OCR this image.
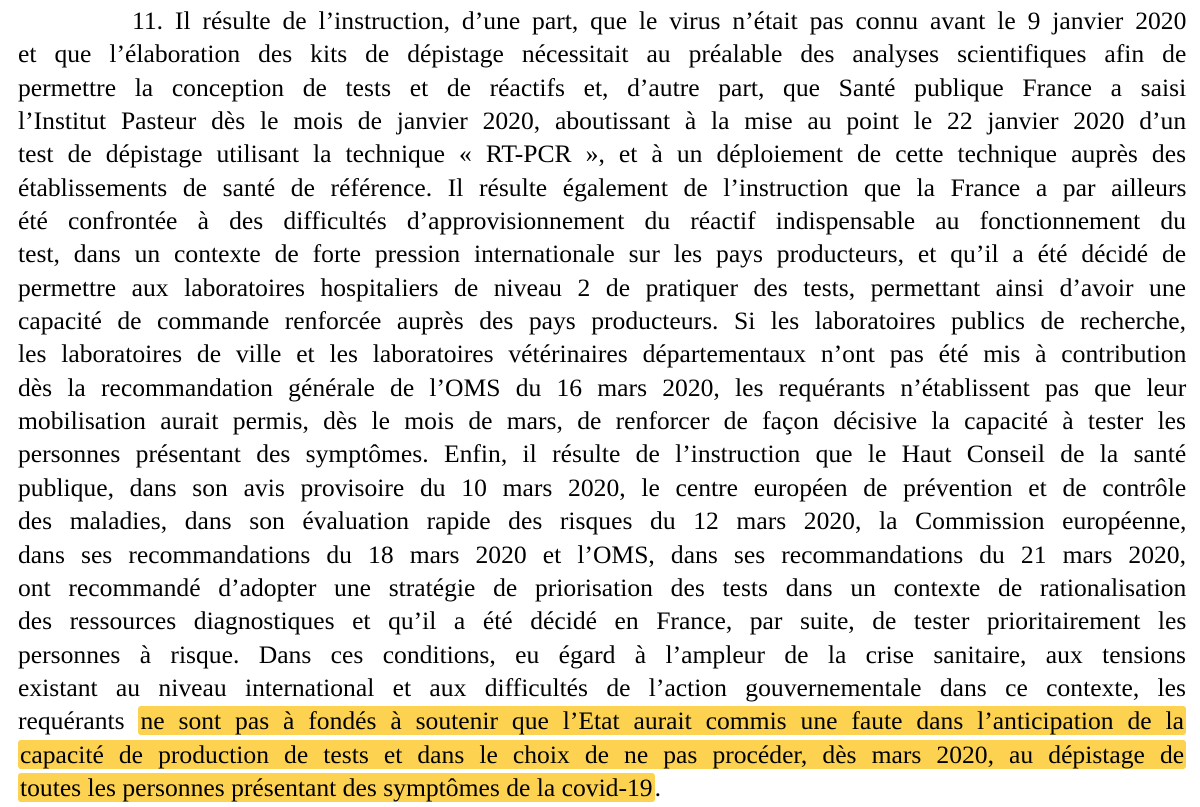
11. Il résulte de l’instruction, d’une part, que le virus n’était pas connu avant le 9 janvier 2020
et que l’élaboration des kits de dépistage nécessitait au préalable des analyses scientifiques afin de
permettre la conception de tests et de réactifs et, d’autre part, que Santé publique France a saisi
l’Institut Pasteur dès le mois de janvier 2020, aboutissant à la mise au point le 22 janvier 2020 d’un
test de dépistage utilisant la technique « RT-PCR », et à un déploiement de cette technique auprès des
établissements de santé de référence. Il résulte également de l’instruction que la France a par ailleurs
été confrontée à des difficultés d’approvisionnement du réactif indispensable au fonctionnement du
test, dans un contexte de forte pression internationale sur les pays producteurs, et qu’il a été décidé de
permettre aux laboratoires hospitaliers de niveau 2 de pratiquer des tests, permettant ainsi d’avoir une
capacité de commande renforcée auprès des pays producteurs. Si les laboratoires publics de recherche,
les laboratoires de ville et les laboratoires vétérinaires départementaux n’ont pas été mis à contribution
dès la recommandation générale de l’OMS du 16 mars 2020, les requérants n’établissent pas que leur
mobilisation aurait permis, dès le mois de mars, de renforcer de façon décisive la capacité à tester les
personnes présentant des symptômes. Enfin, il résulte de l’instruction que le Haut Conseil de la santé
publique, dans son avis provisoire du 10 mars 2020, le centre européen de prévention et de contrôle
des maladies, dans son évaluation rapide des risques du 12 mars 2020, la Commission européenne,
dans ses recommandations du 18 mars 2020 et l’OMS, dans ses recommandations du 21 mars 2020,
ont recommandé d’adopter une stratégie de priorisation des tests dans un contexte de rationalisation
des ressources diagnostiques et qu’il a été décidé en France, par suite, de tester prioritairement les
personnes à risque. Dans ces conditions, eu égard à l’ampleur de la crise sanitaire, aux tensions
existant au niveau international et aux difficultés de l’action gouvernementale dans ce contexte, les
requérants ne sont pas à fondés à soutenir que l’Etat aurait commis une faute dans l’anticipation de la
capacité de production de tests et dans le choix de ne pas procéder, dès mars 2020, au dépistage de
toutes les personnes présentant des symptômes de la covid-19.
